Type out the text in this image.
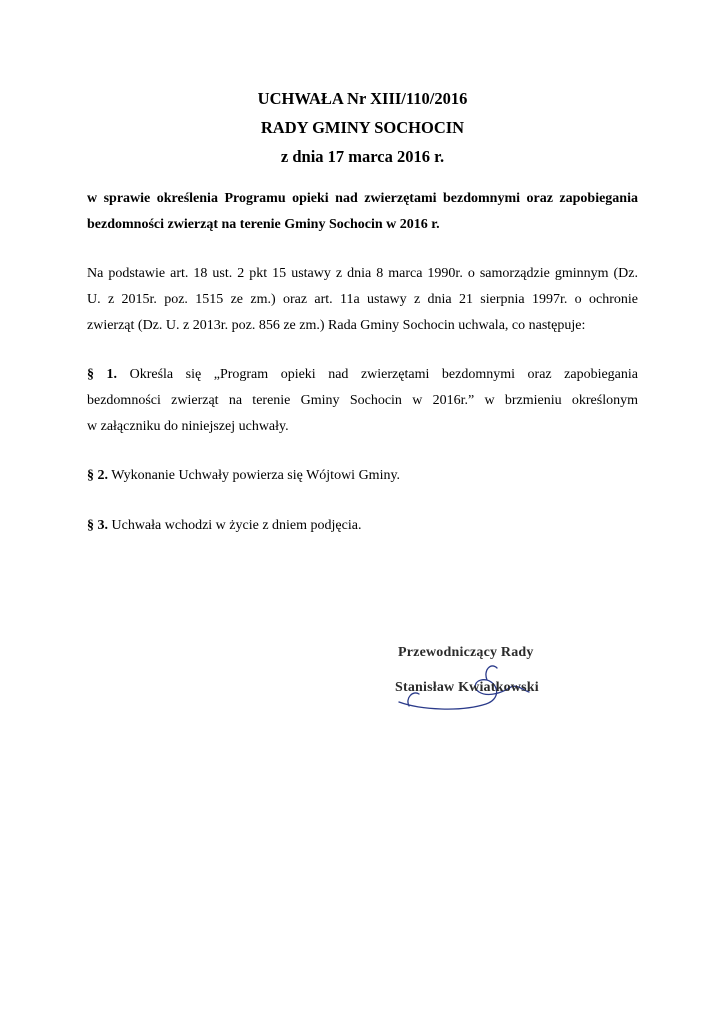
UCHWAŁA Nr XIII/110/2016
RADY GMINY SOCHOCIN
z dnia 17 marca 2016 r.
w sprawie określenia Programu opieki nad zwierzętami bezdomnymi oraz zapobiegania
bezdomności zwierząt na terenie Gminy Sochocin w 2016 r.
Na podstawie art. 18 ust. 2 pkt 15 ustawy z dnia 8 marca 1990r. o samorządzie gminnym (Dz.
U. z 2015r. poz. 1515 ze zm.) oraz art. 11a ustawy z dnia 21 sierpnia 1997r. o ochronie
zwierząt (Dz. U. z 2013r. poz. 856 ze zm.) Rada Gminy Sochocin uchwala, co następuje:
§ 1. Określa się „Program opieki nad zwierzętami bezdomnymi oraz zapobiegania
bezdomności zwierząt na terenie Gminy Sochocin w 2016r.” w brzmieniu określonym
w załączniku do niniejszej uchwały.
§ 2. Wykonanie Uchwały powierza się Wójtowi Gminy.
§ 3. Uchwała wchodzi w życie z dniem podjęcia.
Przewodniczący Rady
Stanisław Kwiatkowski
